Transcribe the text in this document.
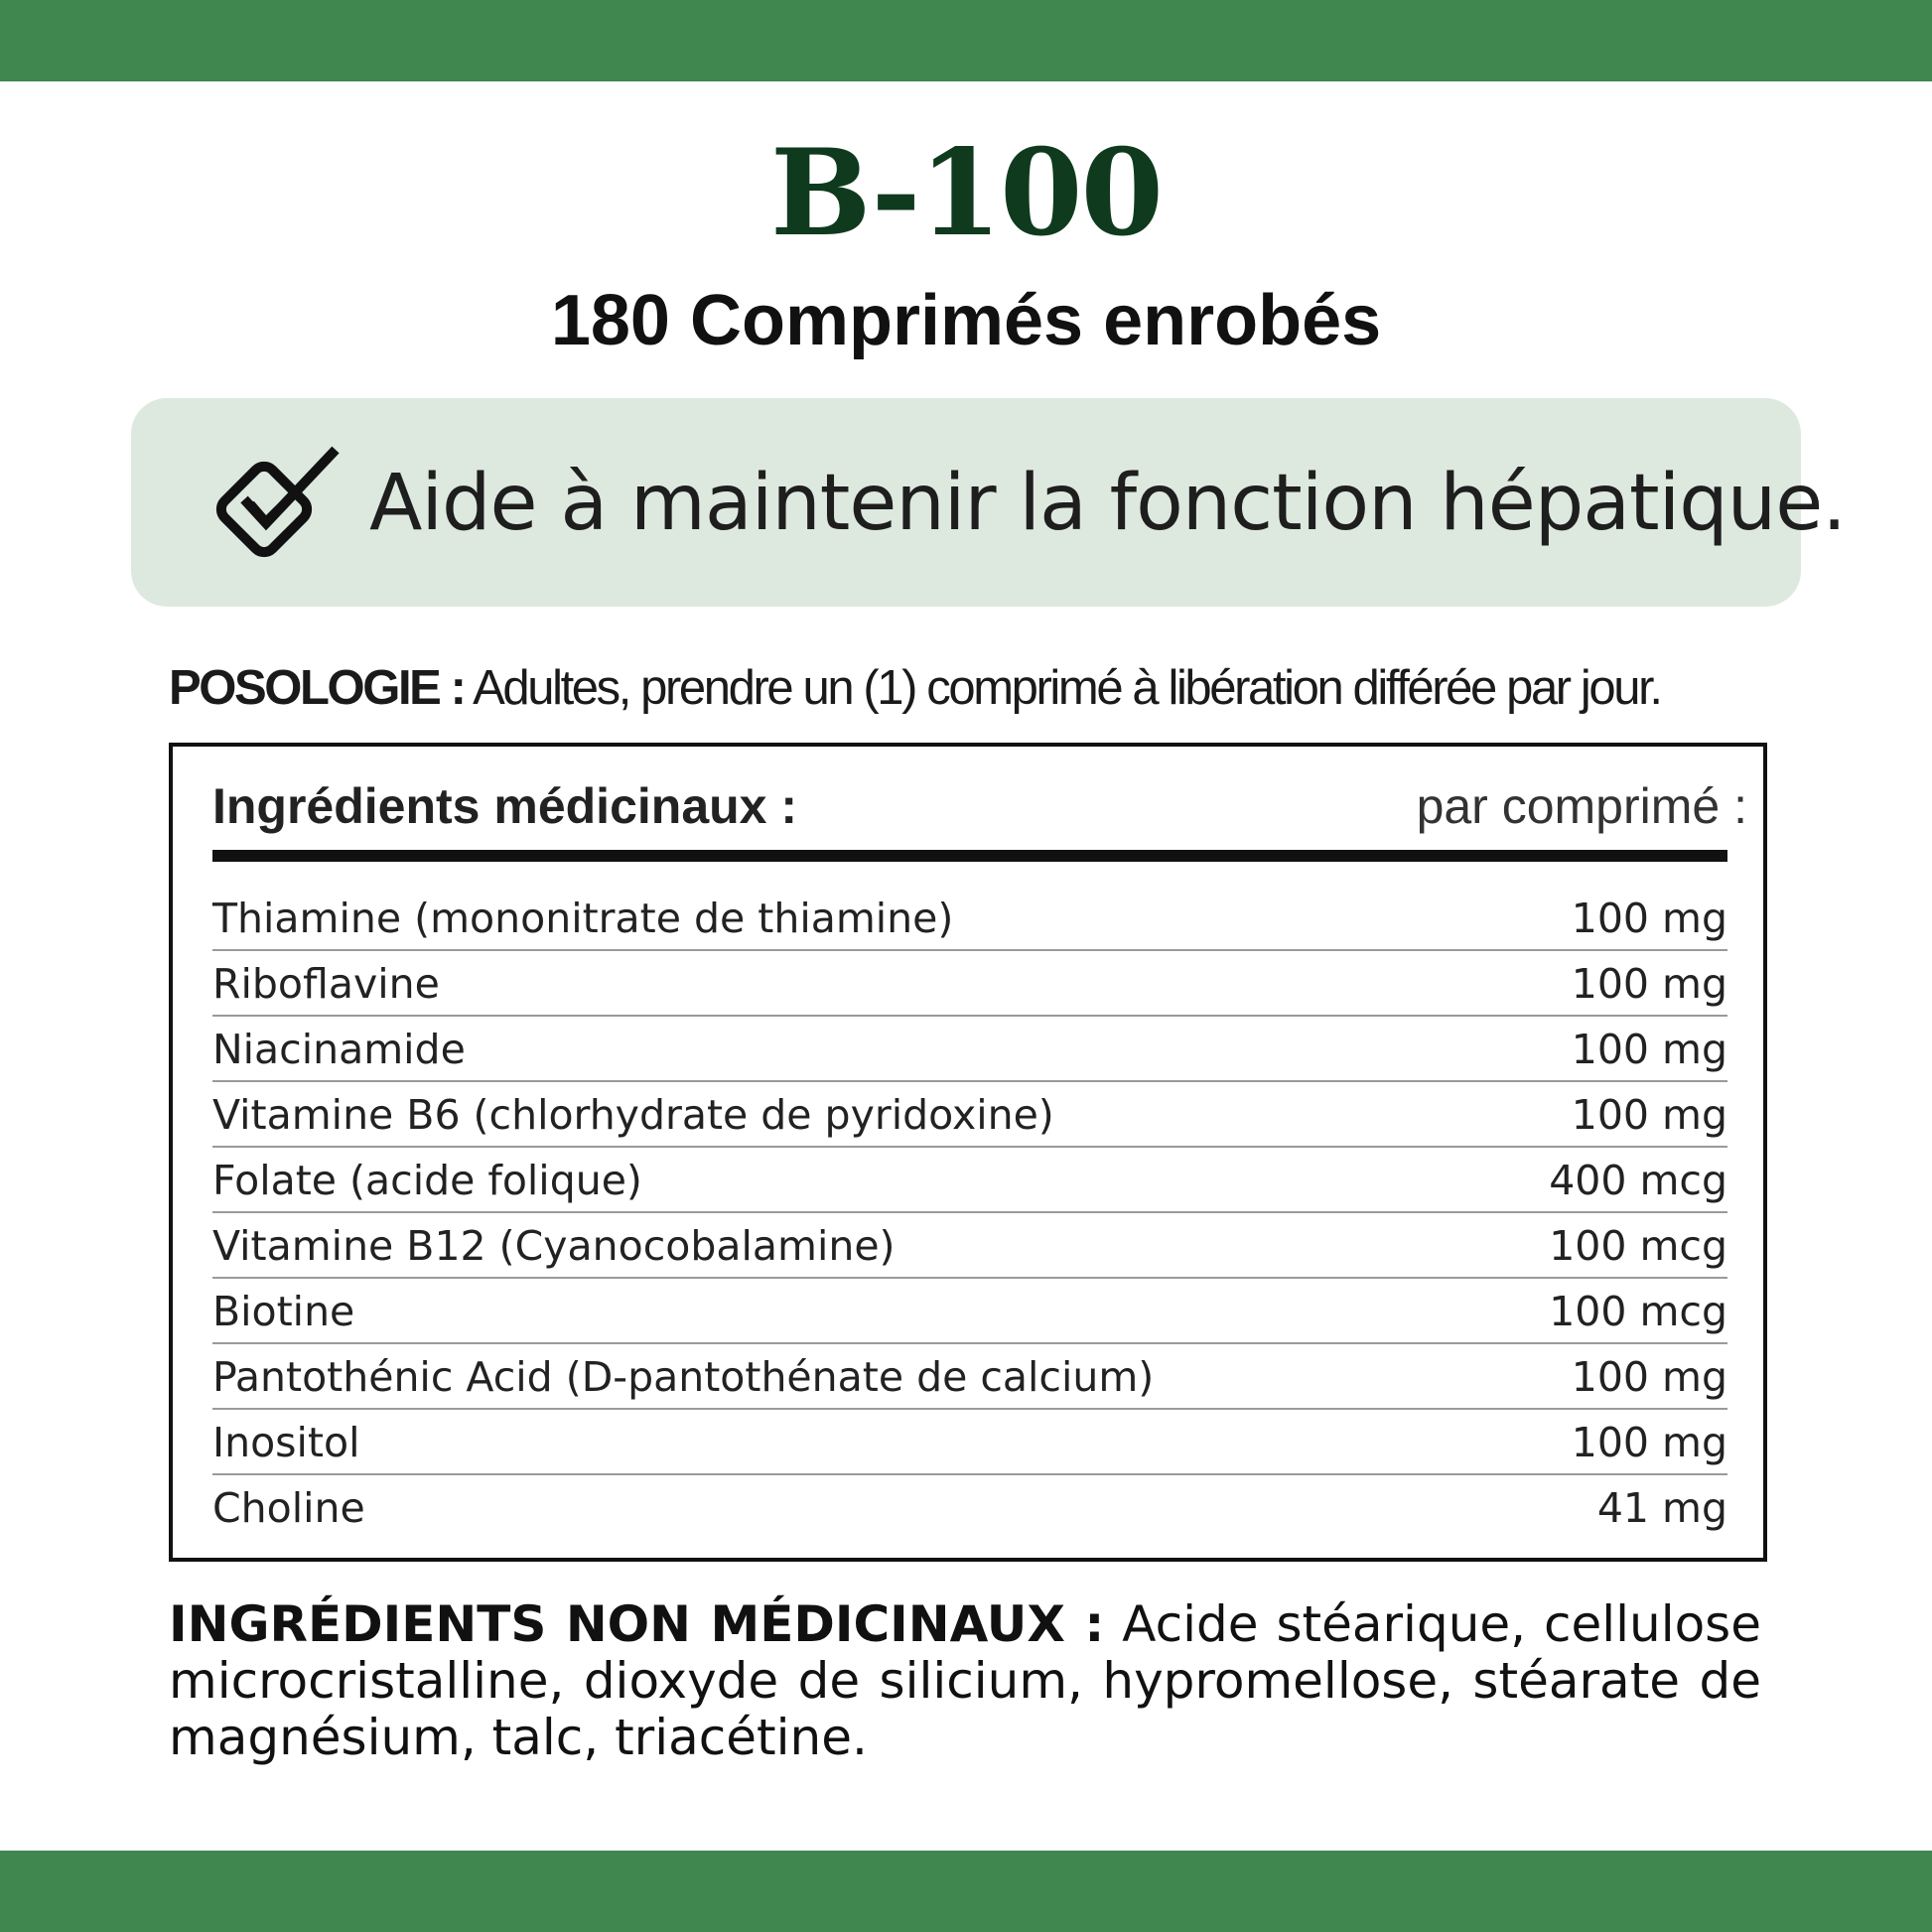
B-100
180 Comprimés enrobés
Aide à maintenir la fonction hépatique.
POSOLOGIE : Adultes, prendre un (1) comprimé à libération différée par jour.
Ingrédients médicinaux :	par comprimé :
Thiamine (mononitrate de thiamine)	100 mg
Riboflavine	100 mg
Niacinamide	100 mg
Vitamine B6 (chlorhydrate de pyridoxine)	100 mg
Folate (acide folique)	400 mcg
Vitamine B12 (Cyanocobalamine)	100 mcg
Biotine	100 mcg
Pantothénic Acid (D-pantothénate de calcium)	100 mg
Inositol	100 mg
Choline	41 mg
INGRÉDIENTS NON MÉDICINAUX : Acide stéarique, cellulose microcristalline, dioxyde de silicium, hypromellose, stéarate de magnésium, talc, triacétine.
